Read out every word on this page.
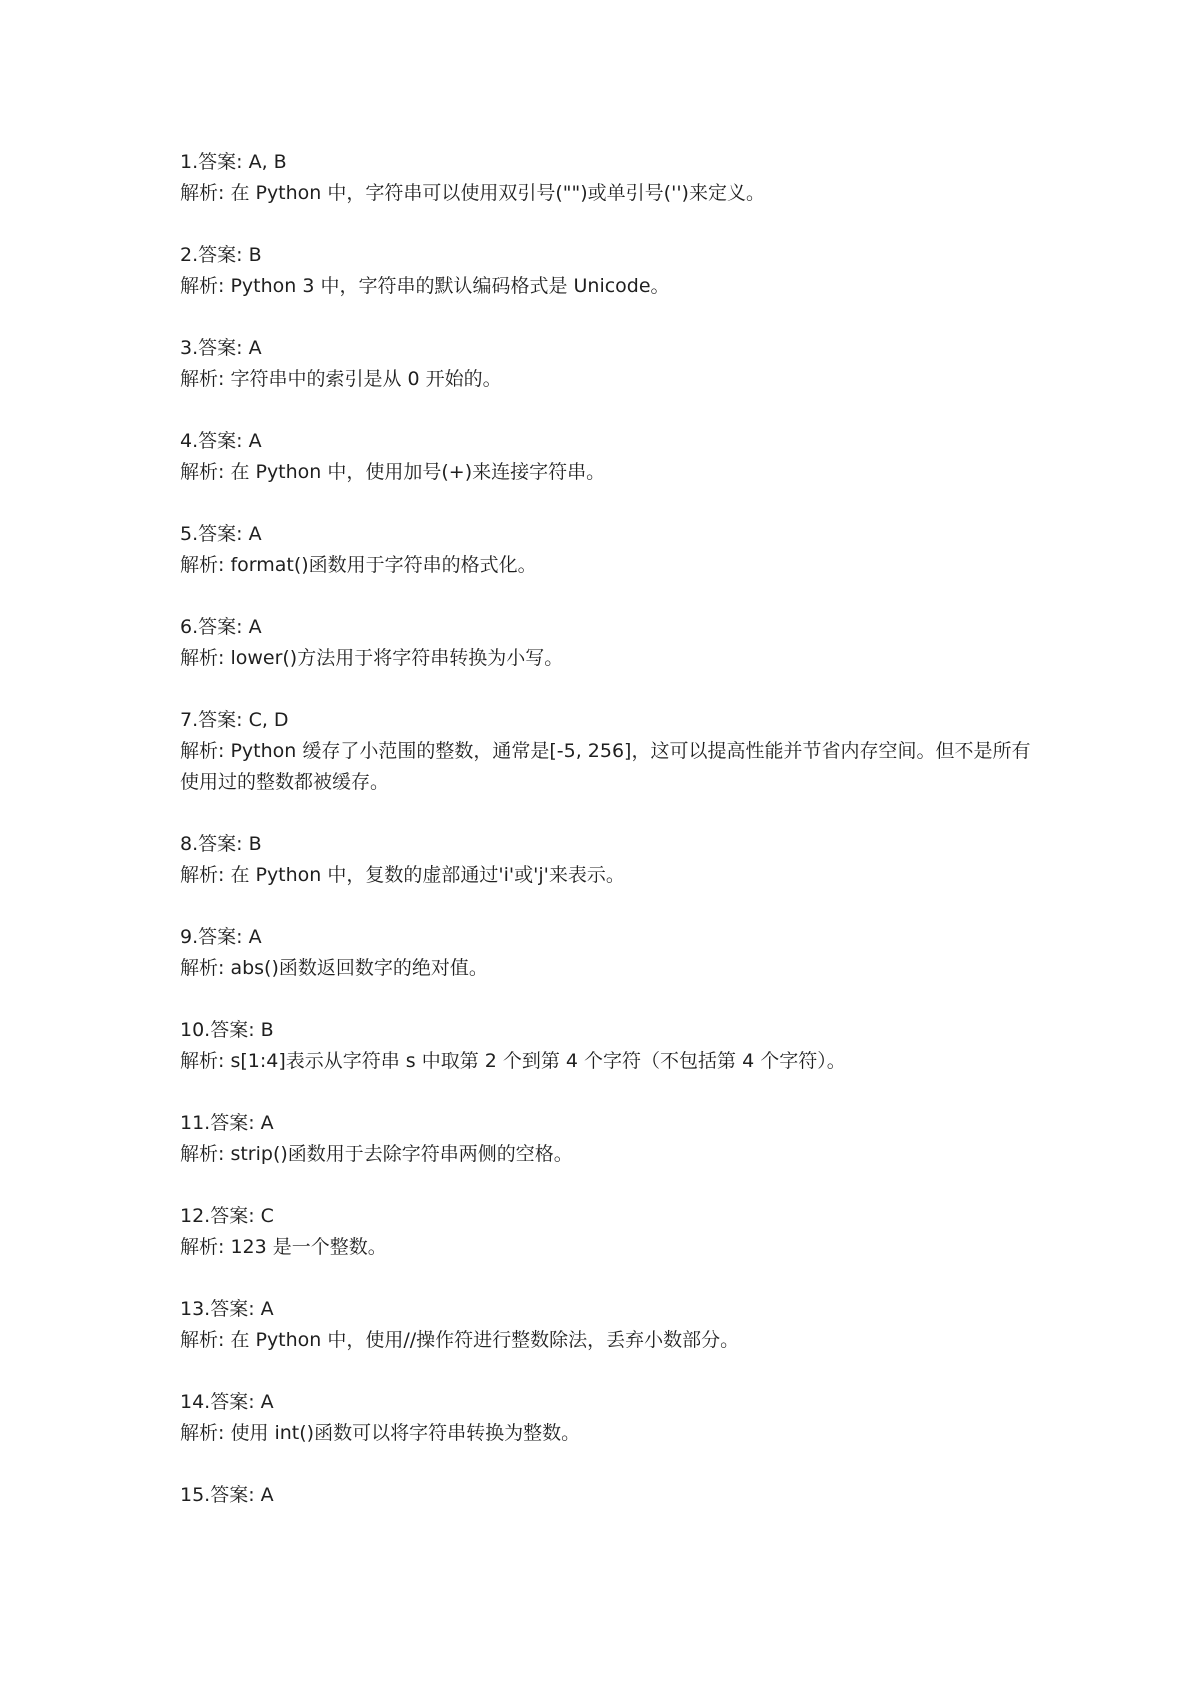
1.答案: A, B
解析: 在 Python 中，字符串可以使用双引号("")或单引号('')来定义。
2.答案: B
解析: Python 3 中，字符串的默认编码格式是 Unicode。
3.答案: A
解析: 字符串中的索引是从 0 开始的。
4.答案: A
解析: 在 Python 中，使用加号(+)来连接字符串。
5.答案: A
解析: format()函数用于字符串的格式化。
6.答案: A
解析: lower()方法用于将字符串转换为小写。
7.答案: C, D
解析: Python 缓存了小范围的整数，通常是[-5, 256]，这可以提高性能并节省内存空间。但不是所有使用过的整数都被缓存。
8.答案: B
解析: 在 Python 中，复数的虚部通过'i'或'j'来表示。
9.答案: A
解析: abs()函数返回数字的绝对值。
10.答案: B
解析: s[1:4]表示从字符串 s 中取第 2 个到第 4 个字符（不包括第 4 个字符）。
11.答案: A
解析: strip()函数用于去除字符串两侧的空格。
12.答案: C
解析: 123 是一个整数。
13.答案: A
解析: 在 Python 中，使用//操作符进行整数除法，丢弃小数部分。
14.答案: A
解析: 使用 int()函数可以将字符串转换为整数。
15.答案: A
